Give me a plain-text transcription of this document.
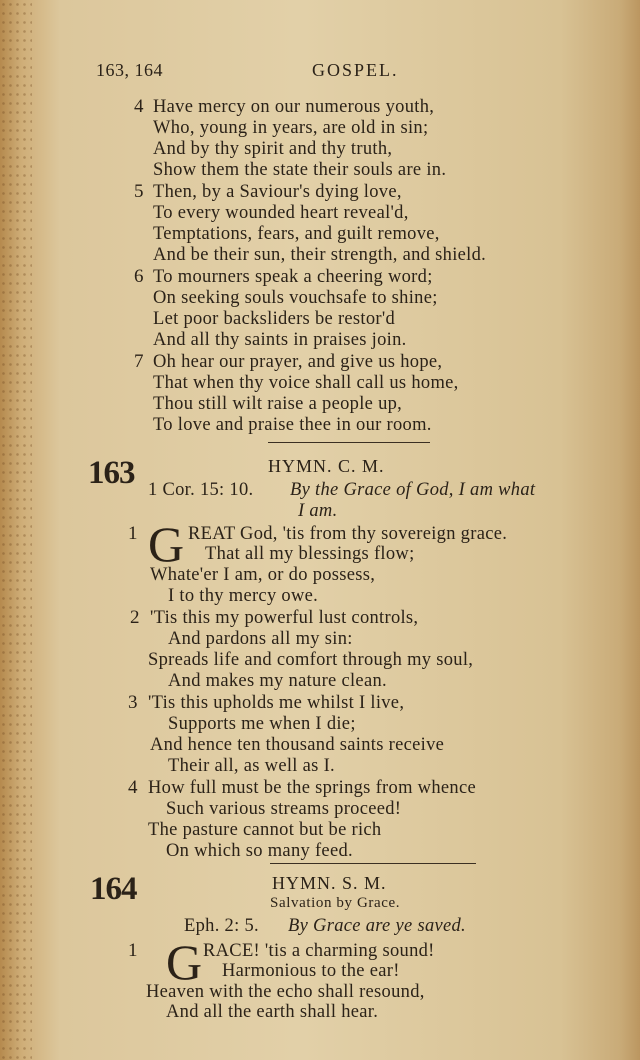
163, 164	GOSPEL.
4 Have mercy on our numerous youth,
Who, young in years, are old in sin;
And by thy spirit and thy truth,
Show them the state their souls are in.
5 Then, by a Saviour's dying love,
To every wounded heart reveal'd,
Temptations, fears, and guilt remove,
And be their sun, their strength, and shield.
6 To mourners speak a cheering word;
On seeking souls vouchsafe to shine;
Let poor backsliders be restor'd
And all thy saints in praises join.
7 Oh hear our prayer, and give us hope,
That when thy voice shall call us home,
Thou still wilt raise a people up,
To love and praise thee in our room.
163	HYMN. C. M.
1 Cor. 15: 10. By the Grace of God, I am what
I am.
1 G REAT God, 'tis from thy sovereign grace.
That all my blessings flow;
Whate'er I am, or do possess,
I to thy mercy owe.
2 'Tis this my powerful lust controls,
And pardons all my sin:
Spreads life and comfort through my soul,
And makes my nature clean.
3 'Tis this upholds me whilst I live,
Supports me when I die;
And hence ten thousand saints receive
Their all, as well as I.
4 How full must be the springs from whence
Such various streams proceed!
The pasture cannot but be rich
On which so many feed.
164	HYMN. S. M.
Salvation by Grace.
Eph. 2: 5. By Grace are ye saved.
1 G RACE! 'tis a charming sound!
Harmonious to the ear!
Heaven with the echo shall resound,
And all the earth shall hear.
